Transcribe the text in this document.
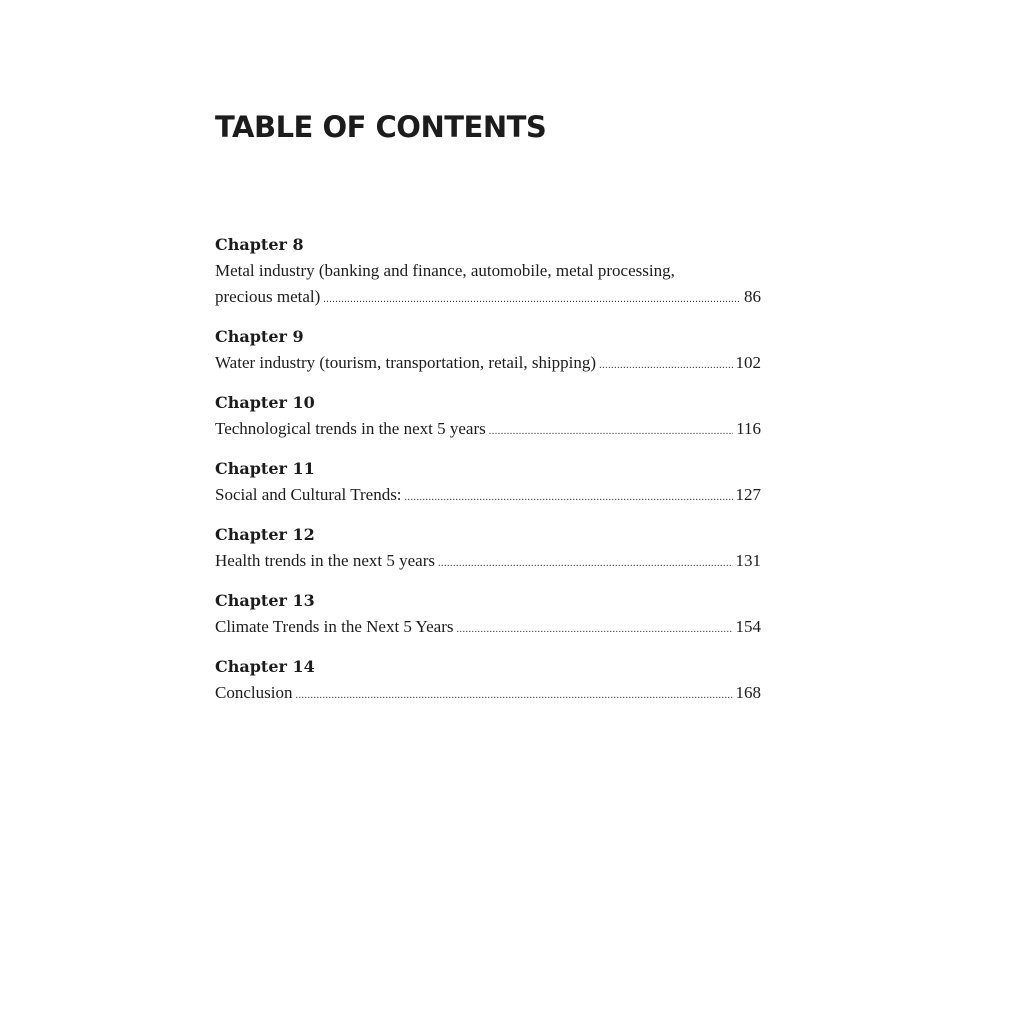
TABLE OF CONTENTS
Chapter 8
Metal industry (banking and finance, automobile, metal processing,
precious metal) .....	86
Chapter 9
Water industry (tourism, transportation, retail, shipping) .....	102
Chapter 10
Technological trends in the next 5 years .....	116
Chapter 11
Social and Cultural Trends: .....	127
Chapter 12
Health trends in the next 5 years .....	131
Chapter 13
Climate Trends in the Next 5 Years .....	154
Chapter 14
Conclusion .....	168
